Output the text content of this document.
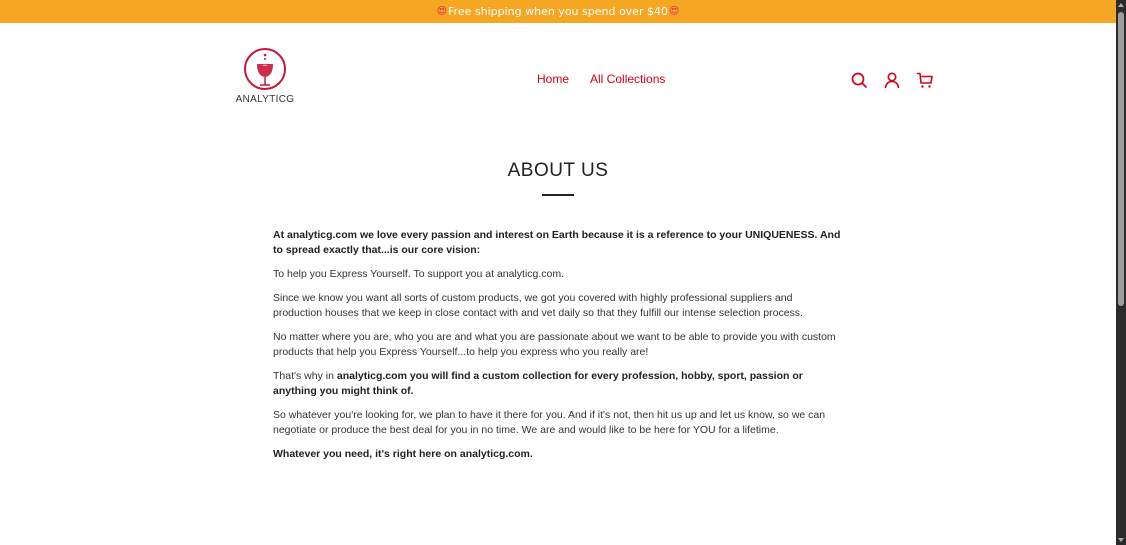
😍 Free shipping when you spend over $40 😍
ANALYTICG
Home All Collections
ABOUT US

At analyticg.com we love every passion and interest on Earth because it is a reference to your UNIQUENESS. And to spread exactly that...is our core vision:

To help you Express Yourself. To support you at analyticg.com.

Since we know you want all sorts of custom products, we got you covered with highly professional suppliers and production houses that we keep in close contact with and vet daily so that they fulfill our intense selection process.

No matter where you are, who you are and what you are passionate about we want to be able to provide you with custom products that help you Express Yourself...to help you express who you really are!

That's why in analyticg.com you will find a custom collection for every profession, hobby, sport, passion or anything you might think of.

So whatever you're looking for, we plan to have it there for you. And if it's not, then hit us up and let us know, so we can negotiate or produce the best deal for you in no time. We are and would like to be here for YOU for a lifetime.

Whatever you need, it's right here on analyticg.com.
